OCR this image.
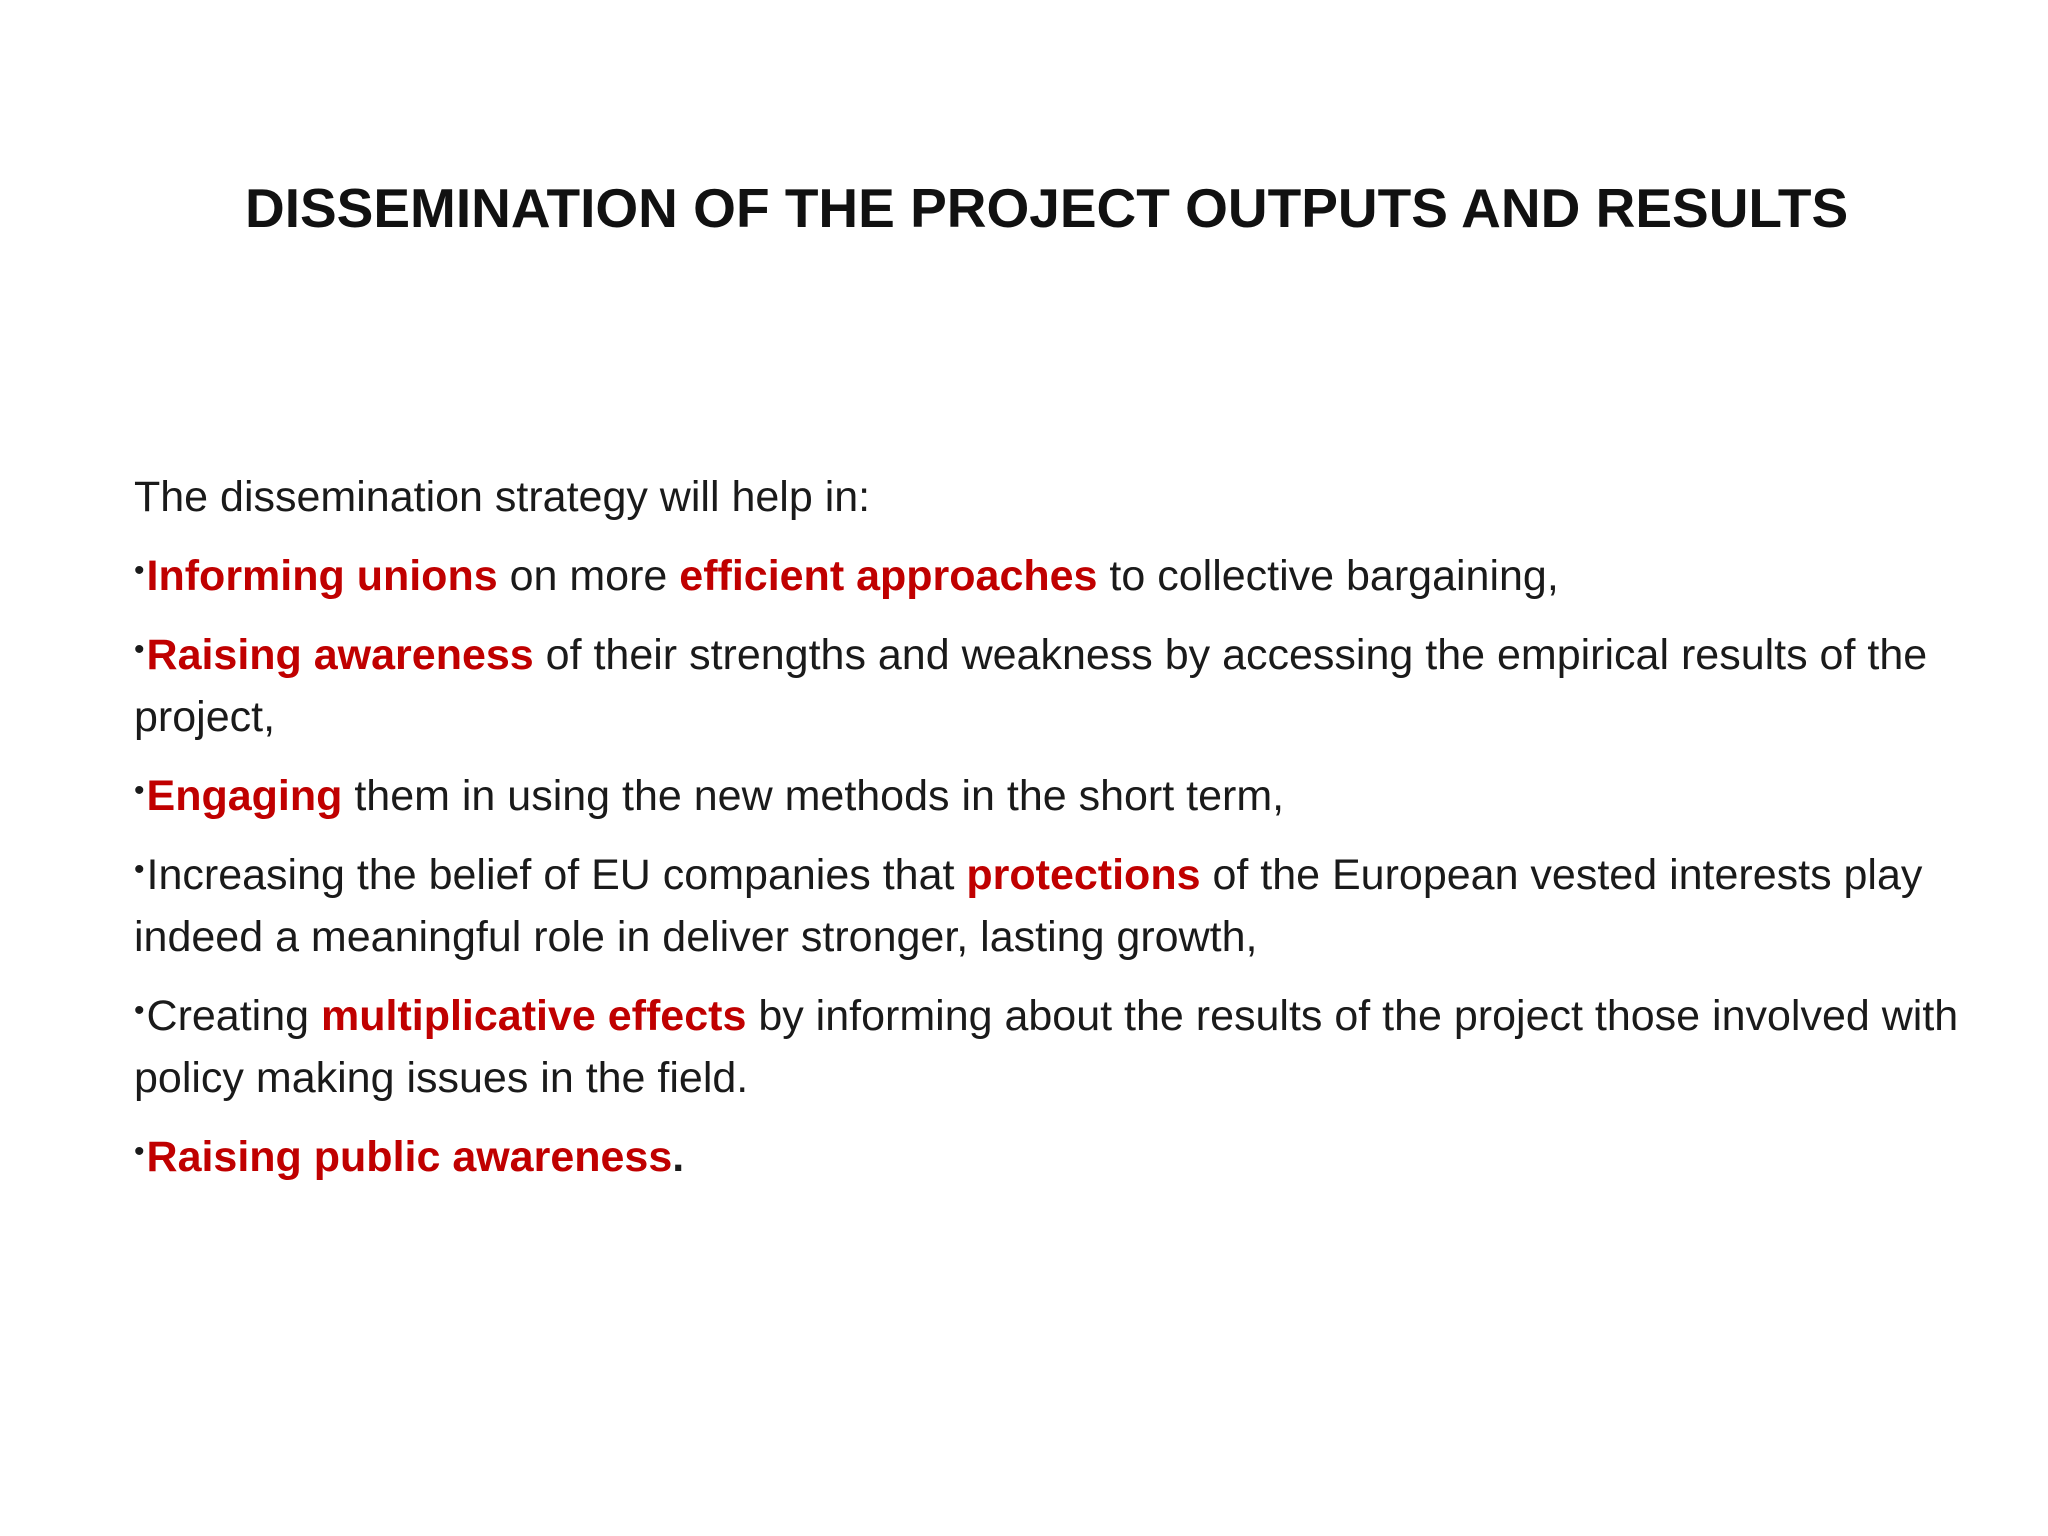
DISSEMINATION OF THE PROJECT OUTPUTS AND RESULTS

The dissemination strategy will help in:

•Informing unions on more efficient approaches to collective bargaining,

•Raising awareness of their strengths and weakness by accessing the empirical results of the project,

•Engaging them in using the new methods in the short term,

•Increasing the belief of EU companies that protections of the European vested interests play indeed a meaningful role in deliver stronger, lasting growth,

•Creating multiplicative effects by informing about the results of the project those involved with policy making issues in the field.

•Raising public awareness.
